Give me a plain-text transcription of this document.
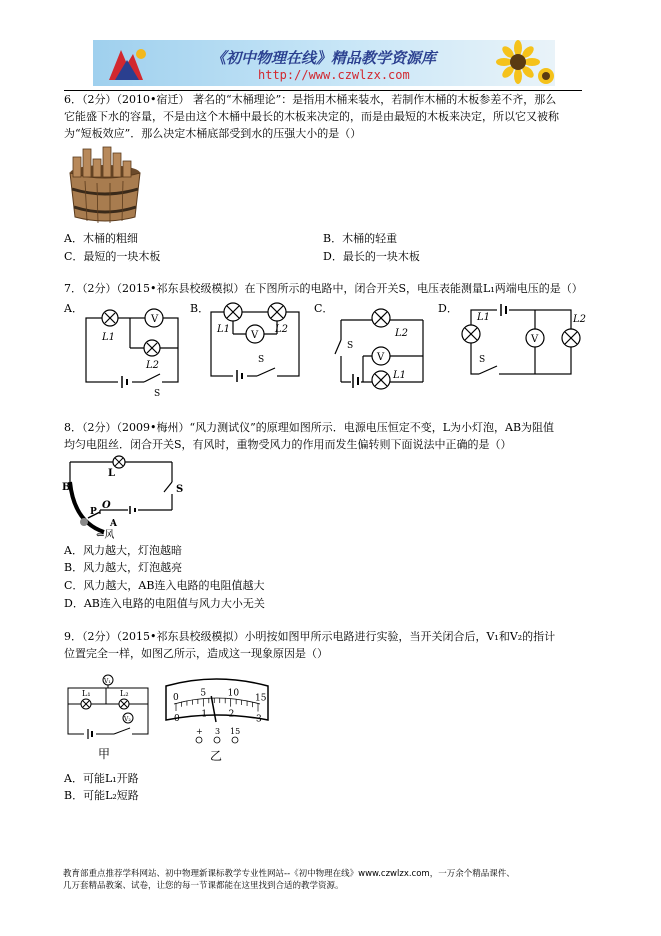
《初中物理在线》精品教学资源库
http://www.czwlzx.com
6．（2分）（2010•宿迁） 著名的“木桶理论”：是指用木桶来装水，若制作木桶的木板参差不齐，那么
它能盛下水的容量，不是由这个木桶中最长的木板来决定的，而是由最短的木板来决定，所以它又被称
为“短板效应”．那么决定木桶底部受到水的压强大小的是（）
A．木桶的粗细	B．木桶的轻重
C．最短的一块木板	D．最长的一块木板
7．（2分）（2015•祁东县校级模拟）在下图所示的电路中，闭合开关S，电压表能测量L₁两端电压的是（）
A．	B．	C．	D．
V
L1
L2
S
V
L1	L2
S	V
S
L2
L1
V
L1	L2
S
8．（2分）（2009•梅州）“风力测试仪”的原理如图所示．电源电压恒定不变，L为小灯泡，AB为阻值
均匀电阻丝．闭合开关S，有风时，重物受风力的作用而发生偏转则下面说法中正确的是（）
L
B	S
O
P
A
⇐风
A．风力越大，灯泡越暗
B．风力越大，灯泡越亮
C．风力越大，AB连入电路的电阻值越大
D．AB连入电路的电阻值与风力大小无关
9．（2分）（2015•祁东县校级模拟）小明按如图甲所示电路进行实验，当开关闭合后，V₁和V₂的指计
位置完全一样，如图乙所示，造成这一现象原因是（）
V₁
V₂
L₁	L₂
甲
0 5 10 15
0 1 2 3
+ 3 15
乙
A．可能L₁开路
B．可能L₂短路
教育部重点推荐学科网站、初中物理新课标教学专业性网站--《初中物理在线》www.czwlzx.com，一万余个精品课件、
几万套精品教案、试卷，让您的每一节课都能在这里找到合适的教学资源。
